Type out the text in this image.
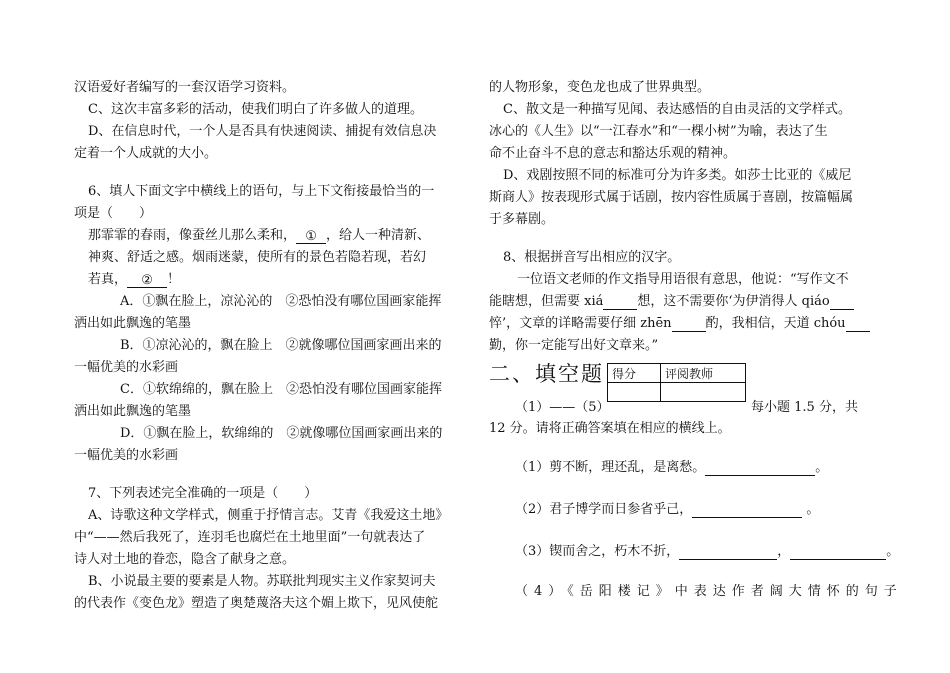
汉语爱好者编写的一套汉语学习资料。
C、这次丰富多彩的活动，使我们明白了许多做人的道理。
D、在信息时代，一个人是否具有快速阅读、捕捉有效信息决
定着一个人成就的大小。
6、填人下面文字中横线上的语句，与上下文衔接最恰当的一
项是（　　）
那霏霏的春雨，像蚕丝儿那么柔和， ① ，给人一种清新、
神爽、舒适之感。烟雨迷蒙，使所有的景色若隐若现，若幻
若真， ② ！
A．①飘在脸上，凉沁沁的　②恐怕没有哪位国画家能挥
洒出如此飘逸的笔墨
B．①凉沁沁的，飘在脸上　②就像哪位国画家画出来的
一幅优美的水彩画
C．①软绵绵的，飘在脸上　②恐怕没有哪位国画家能挥
洒出如此飘逸的笔墨
D．①飘在脸上，软绵绵的　②就像哪位国画家画出来的
一幅优美的水彩画
7、下列表述完全准确的一项是（　　）
A、诗歌这种文学样式，侧重于抒情言志。艾青《我爱这土地》
中“——然后我死了，连羽毛也腐烂在土地里面”一句就表达了
诗人对土地的眷恋，隐含了献身之意。
B、小说最主要的要素是人物。苏联批判现实主义作家契诃夫
的代表作《变色龙》塑造了奥楚蔑洛夫这个媚上欺下，见风使舵
的人物形象，变色龙也成了世界典型。
C、散文是一种描写见闻、表达感悟的自由灵活的文学样式。
冰心的《人生》以“一江春水”和“一棵小树”为喻，表达了生
命不止奋斗不息的意志和豁达乐观的精神。
D、戏剧按照不同的标准可分为许多类。如莎士比亚的《威尼
斯商人》按表现形式属于话剧，按内容性质属于喜剧，按篇幅属
于多幕剧。
8、根据拼音写出相应的汉字。
一位语文老师的作文指导用语很有意思，他说：“写作文不
能瞎想，但需要 xiá	想，这不需要你‘为伊消得人 qiáo
悴’，文章的详略需要仔细 zhēn	酌，我相信，天道 chóu
勤，你一定能写出好文章来。”
二、填空题 得分	评阅教师

（1）——（5）	每小题 1.5 分，共
12 分。请将正确答案填在相应的横线上。
（1）剪不断，理还乱，是离愁。	。
（2）君子博学而日参省乎己，	。
（3）锲而舍之，朽木不折，	，	。
（4）《岳阳楼记》中表达作者阔大情怀的句子
